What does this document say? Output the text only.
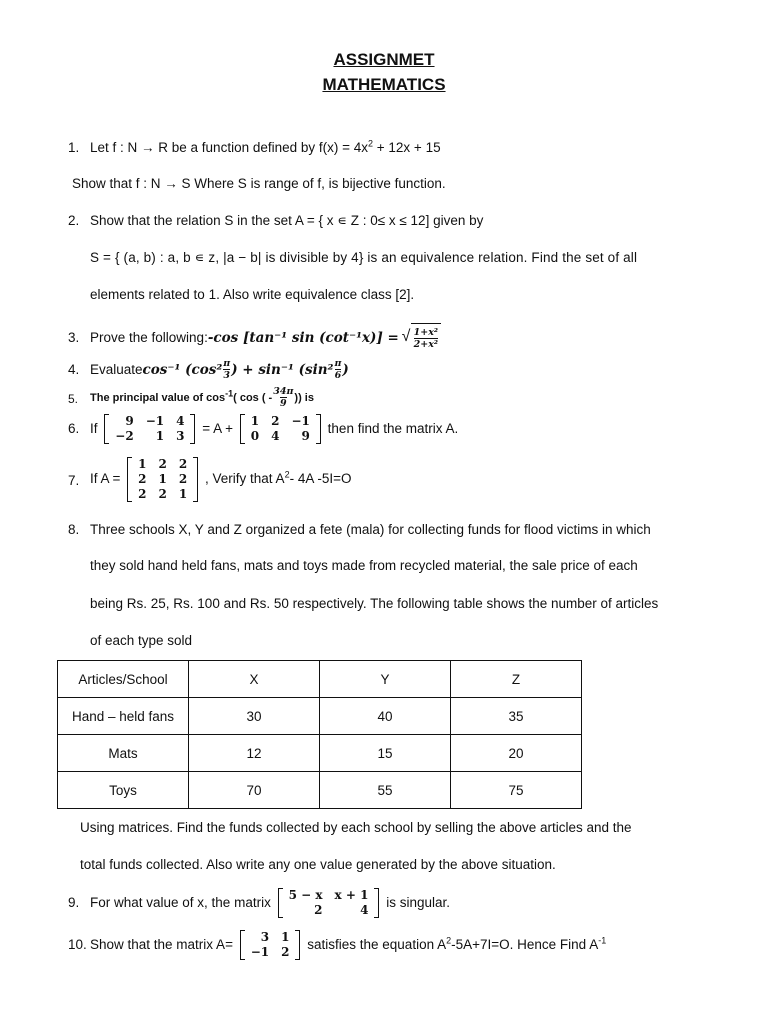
ASSIGNMET
MATHEMATICS
1. Let f : N → R be a function defined by $f(x) = 4x^2 + 12x + 15$
Show that f : N → S Where S is range of f, is bijective function.
2. Show that the relation S in the set A = { x ∊ Z : 0≤ x ≤ 12] given by
S = { (a, b) : a, b ∊ z, |a − b| is divisible by 4} is an equivalence relation. Find the set of all
elements related to 1. Also write equivalence class [2].
3. Prove the following:-cos [tan⁻¹ sin (cot⁻¹x)] = √ $\frac{\text{1+x²}}{\text{2+x²}}$
4. Evaluatecos⁻¹ ($\cos^2 \frac{\pi}{3}$ ) + sin⁻¹ ($\sin^2 \frac{\pi}{6}$ )
5. The principal value of $\cos^{-1}$( cos ( - $\frac{34\pi}{9}$ )) is
6. If 9	−1	4
−2	1	3
= A + 1	2	−1
0	4	9
then find the matrix A.
7. If A =
1	2	2
2	1	2
2	2	1
, Verify that $A^2-$ 4A -5I=O
8. Three schools X, Y and Z organized a fete (mala) for collecting funds for flood victims in which
they sold hand held fans, mats and toys made from recycled material, the sale price of each
being Rs. 25, Rs. 100 and Rs. 50 respectively. The following table shows the number of articles
of each type sold
Articles/School	X	Y	Z
Hand – held fans	30	40	35
Mats	12	15	20
Toys	70	55	75
Using matrices. Find the funds collected by each school by selling the above articles and the
total funds collected. Also write any one value generated by the above situation.
9. For what value of x, the matrix 5 − x	x + 1
2	4
is singular.
10. Show that the matrix A= 3	1
−1	2
satisfies the equation $A^2-5A+7I=O$. Hence Find $A^{-1}$
